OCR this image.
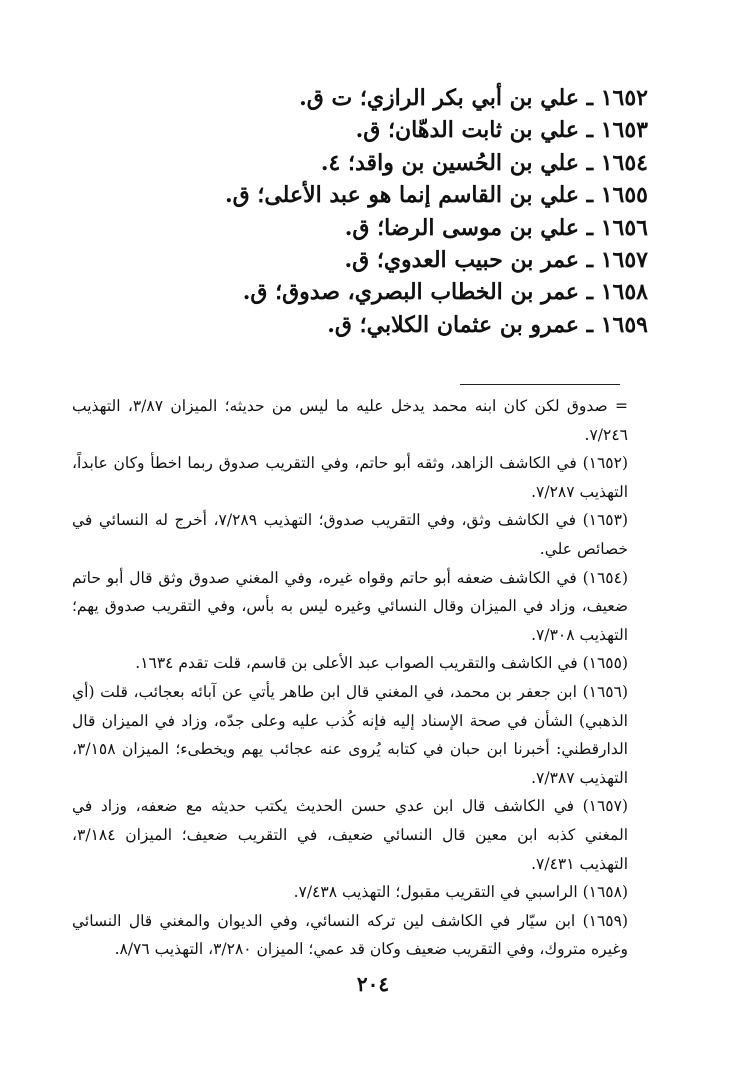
١٦٥٢ ـ علي بن أبي بكر الرازي؛ ت ق.
١٦٥٣ ـ علي بن ثابت الدهّان؛ ق.
١٦٥٤ ـ علي بن الحُسين بن واقد؛ ٤.
١٦٥٥ ـ علي بن القاسم إنما هو عبد الأعلى؛ ق.
١٦٥٦ ـ علي بن موسى الرضا؛ ق.
١٦٥٧ ـ عمر بن حبيب العدوي؛ ق.
١٦٥٨ ـ عمر بن الخطاب البصري، صدوق؛ ق.
١٦٥٩ ـ عمرو بن عثمان الكلابي؛ ق.
= صدوق لكن كان ابنه محمد يدخل عليه ما ليس من حديثه؛ الميزان ٣/٨٧، التهذيب ٧/٢٤٦.
(١٦٥٢) في الكاشف الزاهد، وثقه أبو حاتم، وفي التقريب صدوق ربما اخطأ وكان عابداً، التهذيب ٧/٢٨٧.
(١٦٥٣) في الكاشف وثق، وفي التقريب صدوق؛ التهذيب ٧/٢٨٩، أخرج له النسائي في خصائص علي.
(١٦٥٤) في الكاشف ضعفه أبو حاتم وقواه غيره، وفي المغني صدوق وثق قال أبو حاتم ضعيف، وزاد في الميزان وقال النسائي وغيره ليس به بأس، وفي التقريب صدوق يهم؛ التهذيب ٧/٣٠٨.
(١٦٥٥) في الكاشف والتقريب الصواب عبد الأعلى بن قاسم، قلت تقدم ١٦٣٤.
(١٦٥٦) ابن جعفر بن محمد، في المغني قال ابن طاهر يأتي عن آبائه بعجائب، قلت (أي الذهبي) الشأن في صحة الإسناد إليه فإنه كُذب عليه وعلى جدّه، وزاد في الميزان قال الدارقطني: أخبرنا ابن حبان في كتابه يُروى عنه عجائب يهم ويخطىء؛ الميزان ٣/١٥٨، التهذيب ٧/٣٨٧.
(١٦٥٧) في الكاشف قال ابن عدي حسن الحديث يكتب حديثه مع ضعفه، وزاد في المغني كذبه ابن معين قال النسائي ضعيف، في التقريب ضعيف؛ الميزان ٣/١٨٤، التهذيب ٧/٤٣١.
(١٦٥٨) الراسبي في التقريب مقبول؛ التهذيب ٧/٤٣٨.
(١٦٥٩) ابن سيّار في الكاشف لين تركه النسائي، وفي الديوان والمغني قال النسائي وغيره متروك، وفي التقريب ضعيف وكان قد عمي؛ الميزان ٣/٢٨٠، التهذيب ٨/٧٦.
٢٠٤
